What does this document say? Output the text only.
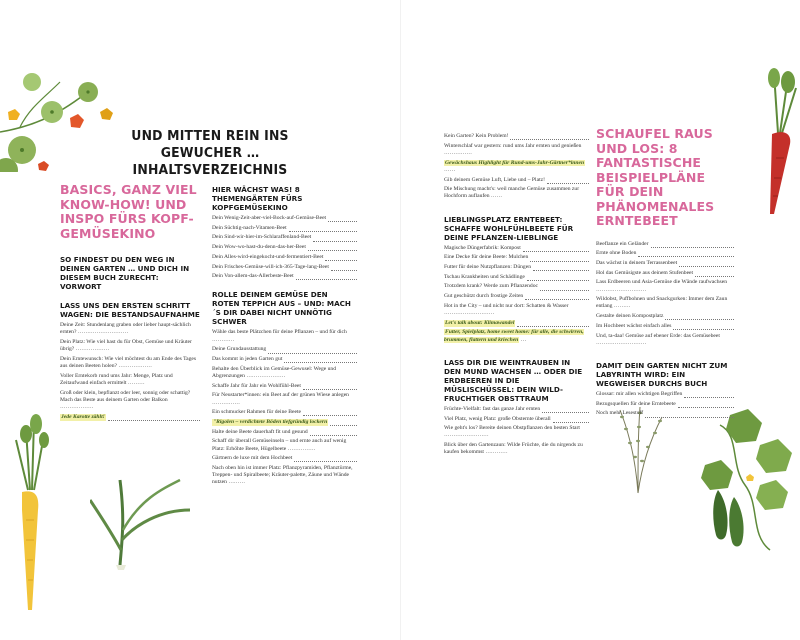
UND MITTEN REIN INS GEWUCHER …
INHALTSVERZEICHNIS
BASICS, GANZ VIEL KNOW-HOW! UND INSPO FÜRS KOPF-GEMÜSEKINO
SO FINDEST DU DEN WEG IN DEINEN GARTEN … UND DICH IN DIESEM BUCH ZURECHT: VORWORT
LASS UNS DEN ERSTEN SCHRITT WAGEN: DIE BESTANDSAUFNAHME
Deine Zeit: Stundenlang graben oder lieber haupt-sächlich ernten? ………………………
Dein Platz: Wie viel hast du für Obst, Gemüse und Kräuter übrig? ………………
Dein Erntewunsch: Wie viel möchtest du am Ende des Tages aus deinen Beeten holen? ………………
Voller Erntekorb rund ums Jahr: Menge, Platz und Zeitaufwand einfach ermittelt ………
Groß oder klein, bepflanzt oder leer, sonnig oder schattig? Mach das Beste aus deinem Garten oder Balkon ………………
Jede Karotte zählt!
HIER WÄCHST WAS! 8 THEMENGÄRTEN FÜRS KOPFGEMÜSEKINO
Dein Wenig-Zeit-aber-viel-Bock-auf-Gemüse-Beet
Dein Süchtig-nach-Vitamen-Beet
Dein Sind-wir-hier-im-Schlaraffenland-Beet
Dein Wow-wo-hast-du-denn-das-her-Beet
Dein Alles-wird-eingekocht-und-fermentiert-Beet
Dein Frisches-Gemüse-will-ich-365-Tage-lang-Beet
Dein Von-allem-das-Allerbeste-Beet
ROLLE DEINEM GEMÜSE DEN ROTEN TEPPICH AUS – UND: MACH´S DIR DABEI NICHT UNNÖTIG SCHWER
Wähle das beste Plätzchen für deine Pflanzen – und für dich …………
Deine Grundausstattung
Das kommt in jeden Garten gut
Behalte den Überblick im Gemüse-Gewusel: Wege und Abgrenzungen …………………
Schaffe Jahr für Jahr ein Wohlfühl-Beet
Für Neustarter*innen: ein Beet auf der grünen Wiese anlegen ……………
Ein schmucker Rahmen für deine Beete
"Rigolen – verdichtete Böden tiefgründig lockern
Halte deine Beete dauerhaft fit und gesund
Schaff dir überall Gemüseinseln – und ernte auch auf wenig Platz: Erhöhte Beete, Hügelbeete ……………
Gärtnern de luxe mit dem Hochbeet
Nach oben hin ist immer Platz: Pflanzpyramiden, Pflanztürme, Treppen- und Spiralbeete; Kräuter-palette, Zäune und Wände nutzen ………
Kein Garten? Kein Problem!
Winterschlaf war gestern: rund ums Jahr ernten und genießen ……………
Gewächshaus Highlight für Rund-ums-Jahr-Gärtner*innen ……
Gib deinem Gemüse Luft, Liebe und – Platz!
Die Mischung macht's: weil manche Gemüse zusammen zur Hochform auflaufen ……
LIEBLINGSPLATZ ERNTEBEET: SCHAFFE WOHLFÜHLBEETE FÜR DEINE PFLANZEN-LIEBLINGE
Magische Düngerfabrik: Kompost
Eine Decke für deine Beete: Mulchen
Futter für deine Nutzpflanzen: Düngen
Tschau Krankheiten und Schädlinge
Trotzdem krank? Werde zum Pflanzendoc
Gut geschützt durch frostige Zeiten
Hot in the City – und nicht nur dort: Schatten & Wasser ………………………
Let's talk about: Klimawandel
Futter, Spielplatz, home sweet home: für alle, die schwirren, brummen, flattern und kriechen …
LASS DIR DIE WEINTRAUBEN IN DEN MUND WACHSEN … ODER DIE ERDBEEREN IN DIE MÜSLISCHÜSSEL: DEIN WILD-FRUCHTIGER OBSTTRAUM
Früchte-Vielfalt: fast das ganze Jahr ernten
Viel Platz, wenig Platz: große Obsternte überall
Wie geht's los? Bereite deinen Obstpflanzen den besten Start ……………………
Blick über den Gartenzaun: Wilde Früchte, die du nirgends zu kaufen bekommst …………
SCHAUFEL RAUS UND LOS: 8 FANTASTISCHE BEISPIELPLÄNE FÜR DEIN PHÄNOMENALES ERNTEBEET
Beeflanze ein Geländer
Ernte ohne Boden
Das wächst in deinem Terrassenbeet
Hol das Gemüsigste aus deinem Stufenbeet
Lass Erdbeeren und Asia-Gemüse die Wände raufwachsen ………………………
Wildobst, Puffbohnen und Snackgurken: Immer dem Zaun entlang ………
Gestalte deinen Kompostplatz
Im Hochbeet wächst einfach alles
Und, ta-daa! Gemüse auf ebener Erde: das Gemüsebeet ………………………
DAMIT DEIN GARTEN NICHT ZUM LABYRINTH WIRD: EIN WEGWEISER DURCHS BUCH
Glossar: mir allen wichtigen Begriffen
Bezugsquellen für deine Erntebeete
Noch mehr Lesestoff
